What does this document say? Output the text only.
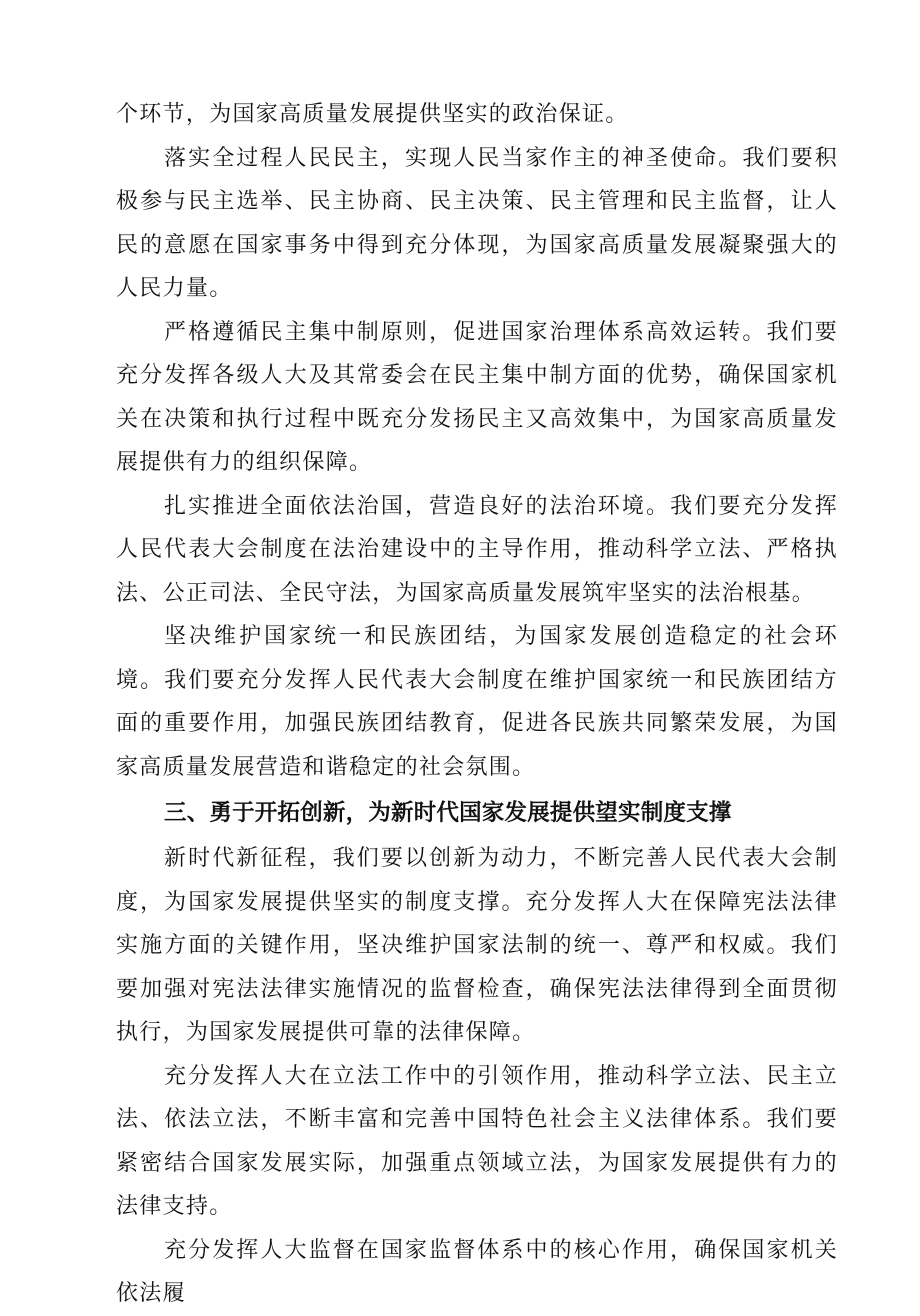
个环节，为国家高质量发展提供坚实的政治保证。

落实全过程人民民主，实现人民当家作主的神圣使命。我们要积极参与民主选举、民主协商、民主决策、民主管理和民主监督，让人民的意愿在国家事务中得到充分体现，为国家高质量发展凝聚强大的人民力量。

严格遵循民主集中制原则，促进国家治理体系高效运转。我们要充分发挥各级人大及其常委会在民主集中制方面的优势，确保国家机关在决策和执行过程中既充分发扬民主又高效集中，为国家高质量发展提供有力的组织保障。

扎实推进全面依法治国，营造良好的法治环境。我们要充分发挥人民代表大会制度在法治建设中的主导作用，推动科学立法、严格执法、公正司法、全民守法，为国家高质量发展筑牢坚实的法治根基。

坚决维护国家统一和民族团结，为国家发展创造稳定的社会环境。我们要充分发挥人民代表大会制度在维护国家统一和民族团结方面的重要作用，加强民族团结教育，促进各民族共同繁荣发展，为国家高质量发展营造和谐稳定的社会氛围。

三、勇于开拓创新，为新时代国家发展提供望实制度支撑

新时代新征程，我们要以创新为动力，不断完善人民代表大会制度，为国家发展提供坚实的制度支撑。充分发挥人大在保障宪法法律实施方面的关键作用，坚决维护国家法制的统一、尊严和权威。我们要加强对宪法法律实施情况的监督检查，确保宪法法律得到全面贯彻执行，为国家发展提供可靠的法律保障。

充分发挥人大在立法工作中的引领作用，推动科学立法、民主立法、依法立法，不断丰富和完善中国特色社会主义法律体系。我们要紧密结合国家发展实际，加强重点领域立法，为国家发展提供有力的法律支持。

充分发挥人大监督在国家监督体系中的核心作用，确保国家机关依法履
